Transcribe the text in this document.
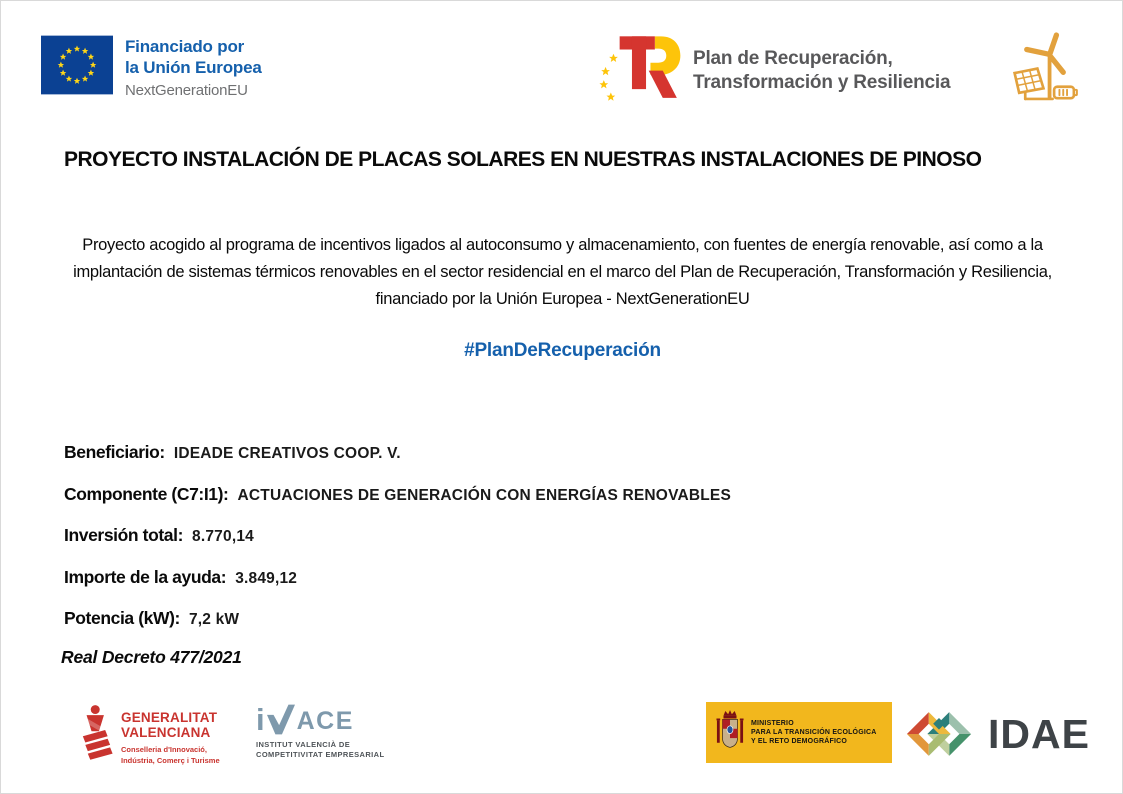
Financiado por
la Unión Europea
NextGenerationEU
Plan de Recuperación,
Transformación y Resiliencia
PROYECTO INSTALACIÓN DE PLACAS SOLARES EN NUESTRAS INSTALACIONES DE PINOSO

Proyecto acogido al programa de incentivos ligados al autoconsumo y almacenamiento, con fuentes de energía renovable, así como a la implantación de sistemas térmicos renovables en el sector residencial en el marco del Plan de Recuperación, Transformación y Resiliencia, financiado por la Unión Europea - NextGenerationEU

#PlanDeRecuperación
Beneficiario: IDEADE CREATIVOS COOP. V.
Componente (C7:I1): ACTUACIONES DE GENERACIÓN CON ENERGÍAS RENOVABLES
Inversión total: 8.770,14
Importe de la ayuda: 3.849,12
Potencia (kW): 7,2 kW
Real Decreto 477/2021
GENERALITAT
VALENCIANA
Conselleria d'Innovació,
Indústria, Comerç i Turisme
i ACE
INSTITUT VALENCIÀ DE
COMPETITIVITAT EMPRESARIAL
MINISTERIO
PARA LA TRANSICIÓN ECOLÓGICA
Y EL RETO DEMOGRÁFICO	IDAE
